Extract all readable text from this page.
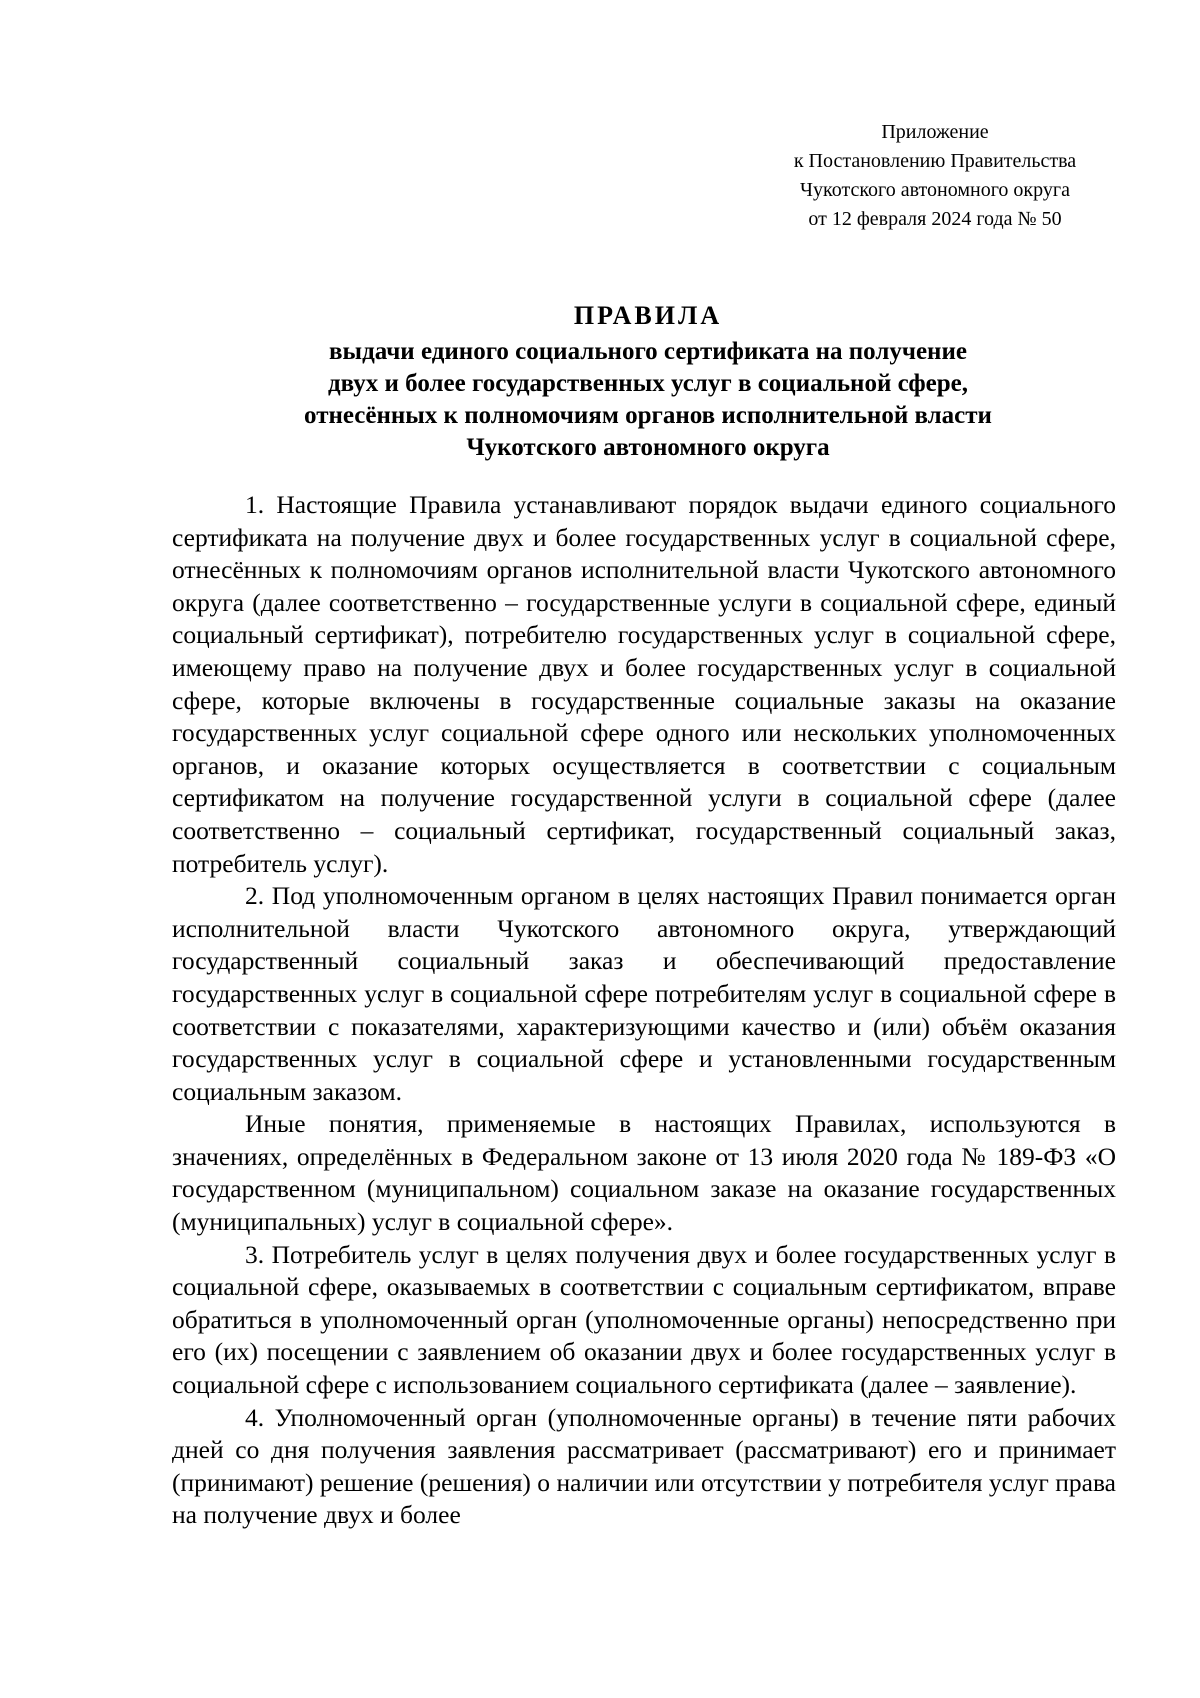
Приложение
к Постановлению Правительства
Чукотского автономного округа
от 12 февраля 2024 года № 50
ПРАВИЛА
выдачи единого социального сертификата на получение
двух и более государственных услуг в социальной сфере,
отнесённых к полномочиям органов исполнительной власти
Чукотского автономного округа

1. Настоящие Правила устанавливают порядок выдачи единого социального сертификата на получение двух и более государственных услуг в социальной сфере, отнесённых к полномочиям органов исполнительной власти Чукотского автономного округа (далее соответственно – государственные услуги в социальной сфере, единый социальный сертификат), потребителю государственных услуг в социальной сфере, имеющему право на получение двух и более государственных услуг в социальной сфере, которые включены в государственные социальные заказы на оказание государственных услуг социальной сфере одного или нескольких уполномоченных органов, и оказание которых осуществляется в соответствии с социальным сертификатом на получение государственной услуги в социальной сфере (далее соответственно – социальный сертификат, государственный социальный заказ, потребитель услуг).

2. Под уполномоченным органом в целях настоящих Правил понимается орган исполнительной власти Чукотского автономного округа, утверждающий государственный социальный заказ и обеспечивающий предоставление государственных услуг в социальной сфере потребителям услуг в социальной сфере в соответствии с показателями, характеризующими качество и (или) объём оказания государственных услуг в социальной сфере и установленными государственным социальным заказом.

Иные понятия, применяемые в настоящих Правилах, используются в значениях, определённых в Федеральном законе от 13 июля 2020 года № 189-ФЗ «О государственном (муниципальном) социальном заказе на оказание государственных (муниципальных) услуг в социальной сфере».

3. Потребитель услуг в целях получения двух и более государственных услуг в социальной сфере, оказываемых в соответствии с социальным сертификатом, вправе обратиться в уполномоченный орган (уполномоченные органы) непосредственно при его (их) посещении с заявлением об оказании двух и более государственных услуг в социальной сфере с использованием социального сертификата (далее – заявление).

4. Уполномоченный орган (уполномоченные органы) в течение пяти рабочих дней со дня получения заявления рассматривает (рассматривают) его и принимает (принимают) решение (решения) о наличии или отсутствии у потребителя услуг права на получение двух и более
